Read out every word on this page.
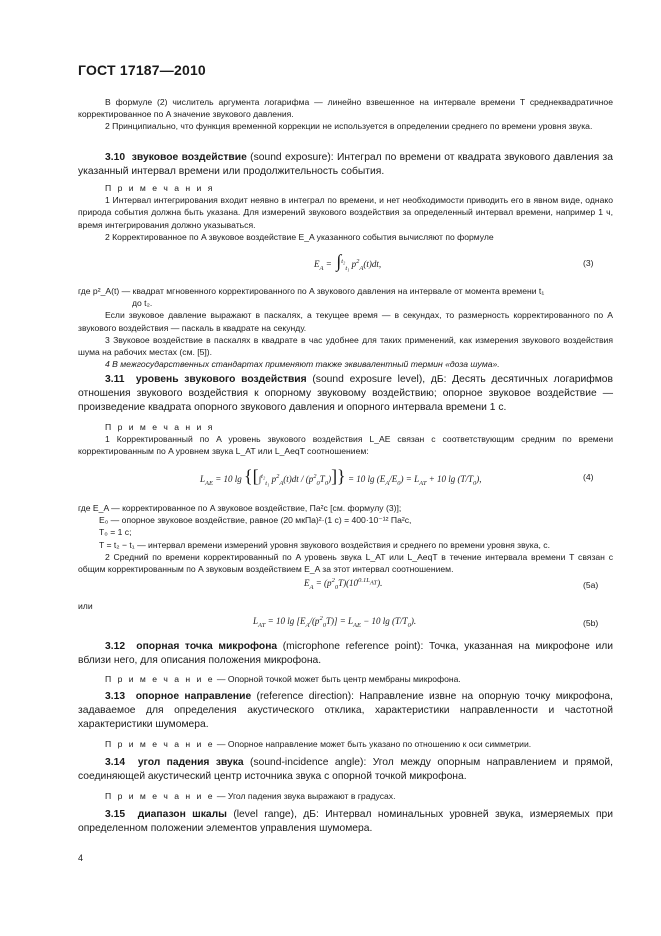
ГОСТ 17187—2010

В формуле (2) числитель аргумента логарифма — линейно взвешенное на интервале времени T среднеквадратичное корректированное по A значение звукового давления.

2 Принципиально, что функция временной коррекции не используется в определении среднего по времени уровня звука.

3.10 звуковое воздействие (sound exposure): Интеграл по времени от квадрата звукового давления за указанный интервал времени или продолжительность события.

П р и м е ч а н и я

1 Интервал интегрирования входит неявно в интеграл по времени, и нет необходимости приводить его в явном виде, однако природа события должна быть указана. Для измерений звукового воздействия за определенный интервал времени, например 1 ч, время интегрирования должно указываться.

2 Корректированное по A звуковое воздействие E_A указанного события вычисляют по формуле

$E_A = \int^{t_2}_{t_1}$ $p^2_A(t)dt$,	(3)

где p²_A(t) — квадрат мгновенного корректированного по A звукового давления на интервале от момента времени t₁

до t₂.

Если звуковое давление выражают в паскалях, а текущее время — в секундах, то размерность корректированного по A звукового воздействия — паскаль в квадрате на секунду.

3 Звуковое воздействие в паскалях в квадрате в час удобнее для таких применений, как измерения звукового воздействия шума на рабочих местах (см. [5]).

4 В межгосударственных стандартах применяют также эквивалентный термин «доза шума».

3.11 уровень звукового воздействия (sound exposure level), дБ: Десять десятичных логарифмов отношения звукового воздействия к опорному звуковому воздействию; опорное звуковое воздействие — произведение квадрата опорного звукового давления и опорного интервала времени 1 с.

П р и м е ч а н и я

1 Корректированный по A уровень звукового воздействия L_AE связан с соответствующим средним по времени корректированным по A уровнем звука L_AT или L_AeqT соотношением:

$L_{AE} = 10$ lg {[∫$^{t_2}_{t_1}$ $p^2_A(t)dt / (p^2_0T_0)]\} = 10$ $\lg (E_A/E_0) = L_{AT} + 10$ $\lg (T/T_0)$,	(4)

где E_A — корректированное по A звуковое воздействие, Па²с [см. формулу (3)];

E₀ — опорное звуковое воздействие, равное (20 мкПа)²·(1 с) = 400·10⁻¹² Па²с,

T₀ = 1 с;

T = t₂ − t₁ — интервал времени измерений уровня звукового воздействия и среднего по времени уровня звука, с.

2 Средний по времени корректированный по A уровень звука L_AT или L_AeqT в течение интервала времени T связан с общим корректированным по A звуковым воздействием E_A за этот интервал соотношением.

$E_A = (p^2_0T)(10^{0.1L_{AT}})$.	(5a)
или
$L_{AT} = 10$ $\lg [E_A/(p^2_0T)] = L_{AE} - 10$ $\lg (T/T_0)$.	(5b)

3.12 опорная точка микрофона (microphone reference point): Точка, указанная на микрофоне или вблизи него, для описания положения микрофона.

П р и м е ч а н и е — Опорной точкой может быть центр мембраны микрофона.

3.13 опорное направление (reference direction): Направление извне на опорную точку микрофона, задаваемое для определения акустического отклика, характеристики направленности и частотной характеристики шумомера.

П р и м е ч а н и е — Опорное направление может быть указано по отношению к оси симметрии.

3.14 угол падения звука (sound-incidence angle): Угол между опорным направлением и прямой, соединяющей акустический центр источника звука с опорной точкой микрофона.

П р и м е ч а н и е — Угол падения звука выражают в градусах.

3.15 диапазон шкалы (level range), дБ: Интервал номинальных уровней звука, измеряемых при определенном положении элементов управления шумомера.

4
